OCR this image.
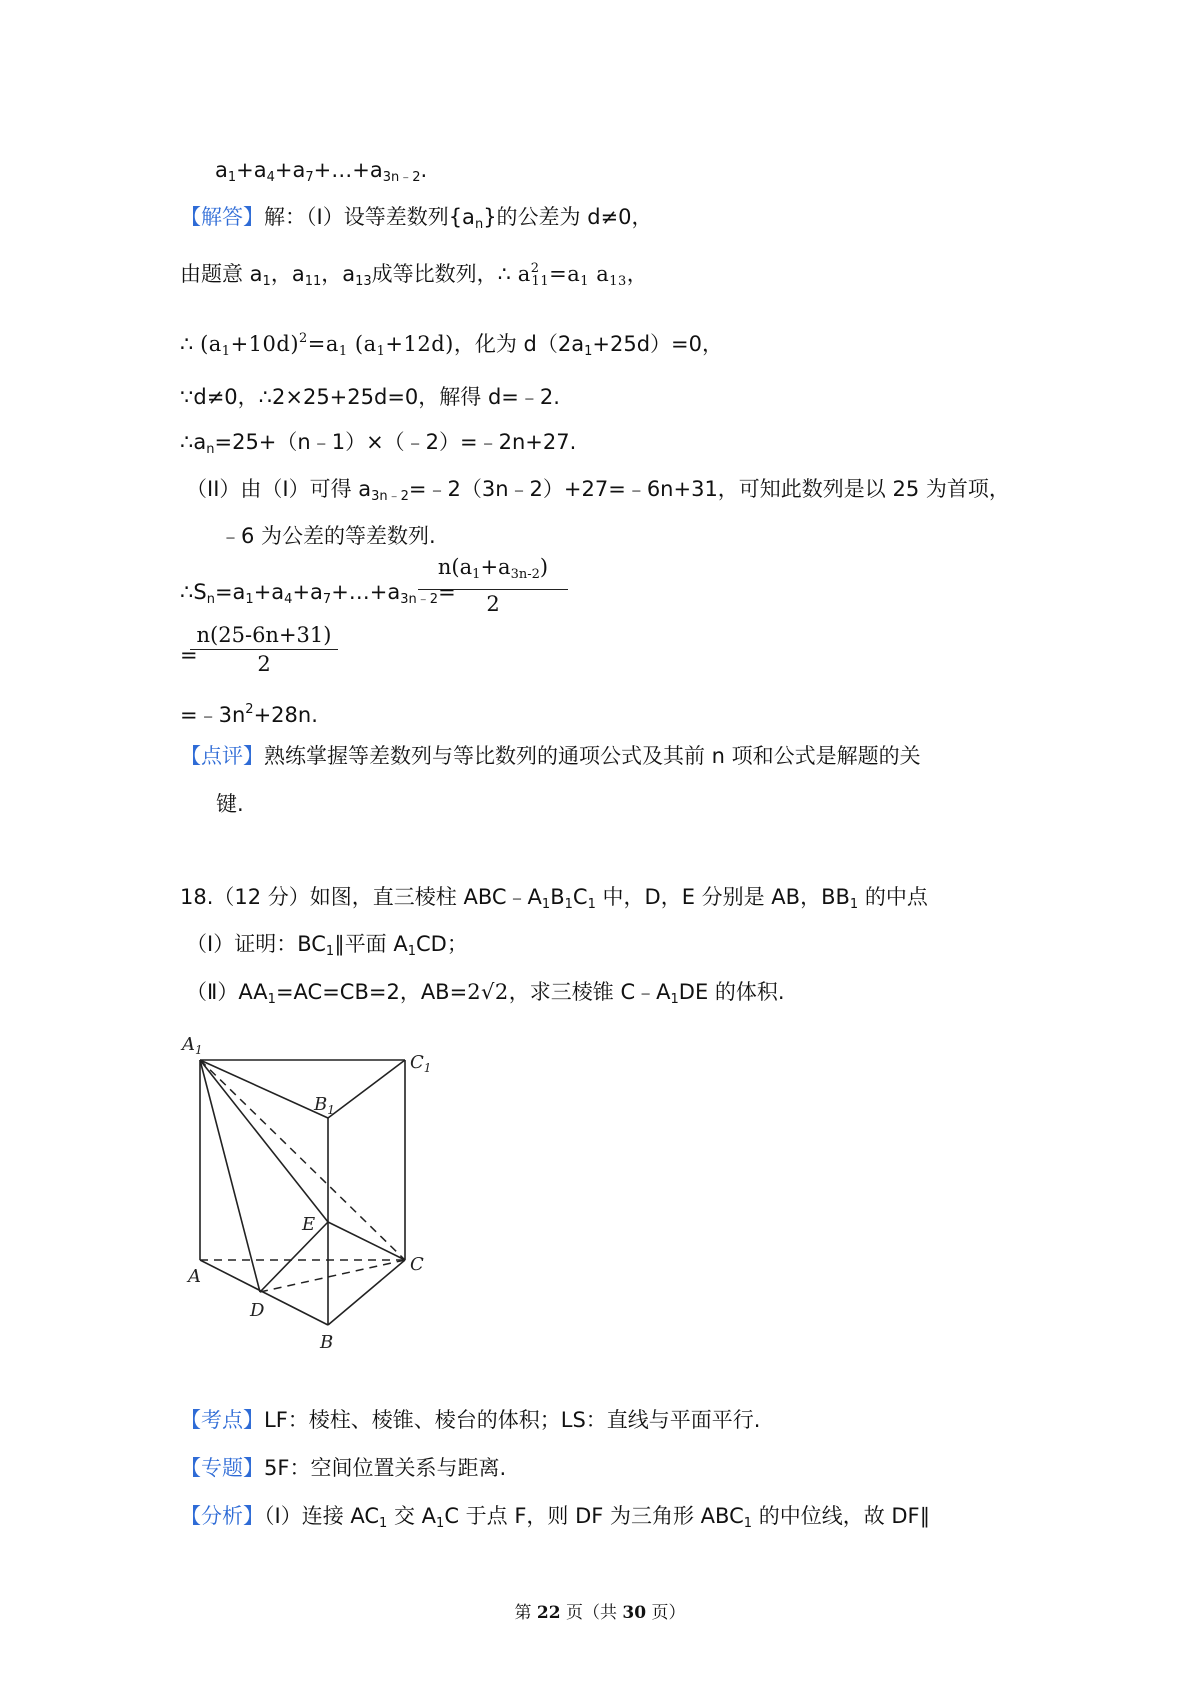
$a_1+a_4+a_7+\dots+a_{3n﹣2}$.
【解答】解：（I）设等差数列$\{a_n\}$的公差为 d≠0，
由题意 $a_1$，$a_{11}$，$a_{13}$成等比数列，∴ $a^2_{11}=a_1$ $a_{13}$，
∴ $(a_1+10d)^2=a_1$ $(a_1+12d)$，化为 $d(2a_1+25d)=0$，
∵d≠0，∴2×25+25d=0，解得 d=﹣2.
$\therefore a_n=25+(n﹣1)\times(﹣2)=﹣2n+27$.
（II）由（I）可得 $a_{3n﹣2}=﹣2(3n﹣2)+27=﹣6n+31$，可知此数列是以 25 为首项，
﹣6 为公差的等差数列.
$\therefore S_n=a_1+a_4+a_7+\dots+a_{3n﹣2}=$
$n(a_1+a_{3n-2})$
2
=
n(25-6n+31)
2
$=﹣3n^2+28n$.
【点评】熟练掌握等差数列与等比数列的通项公式及其前 n 项和公式是解题的关
键.
18.（12 分）如图，直三棱柱 $ABC﹣A_1B_1C_1$ 中，D，E 分别是 AB，$BB_1$ 的中点
（Ⅰ）证明：$BC_1\parallel$平面 $A_1CD$；
$(Ⅱ)AA_1=AC=CB=2$，AB=2√2，求三棱锥 $C﹣A_1DE$ 的体积.
$A_1$
$C_1$
$B_1$
E
C
A
D
B
【考点】LF：棱柱、棱锥、棱台的体积；LS：直线与平面平行.
【专题】5F：空间位置关系与距离.
【分析】（Ⅰ）连接 $AC_1$ 交 $A_1C$ 于点 F，则 DF 为三角形 $ABC_1$ 的中位线，故 DF∥
第 22 页（共 30 页）
